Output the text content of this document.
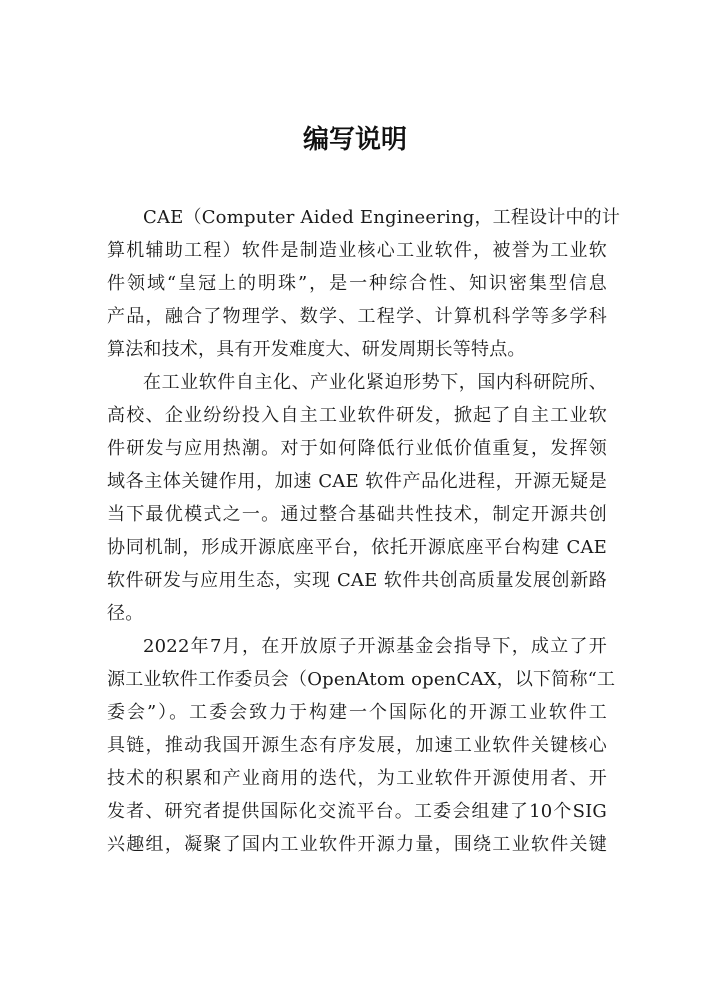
编写说明

CAE（Computer Aided Engineering，工程设计中的计
算机辅助工程）软件是制造业核心工业软件，被誉为工业软
件领域“皇冠上的明珠”，是一种综合性、知识密集型信息
产品，融合了物理学、数学、工程学、计算机科学等多学科
算法和技术，具有开发难度大、研发周期长等特点。

在工业软件自主化、产业化紧迫形势下，国内科研院所、
高校、企业纷纷投入自主工业软件研发，掀起了自主工业软
件研发与应用热潮。对于如何降低行业低价值重复，发挥领
域各主体关键作用，加速 CAE 软件产品化进程，开源无疑是
当下最优模式之一。通过整合基础共性技术，制定开源共创
协同机制，形成开源底座平台，依托开源底座平台构建 CAE
软件研发与应用生态，实现 CAE 软件共创高质量发展创新路
径。

2022年7月，在开放原子开源基金会指导下，成立了开
源工业软件工作委员会（OpenAtom openCAX，以下简称“工
委会”）。工委会致力于构建一个国际化的开源工业软件工
具链，推动我国开源生态有序发展，加速工业软件关键核心
技术的积累和产业商用的迭代，为工业软件开源使用者、开
发者、研究者提供国际化交流平台。工委会组建了10个SIG
兴趣组，凝聚了国内工业软件开源力量，围绕工业软件关键
